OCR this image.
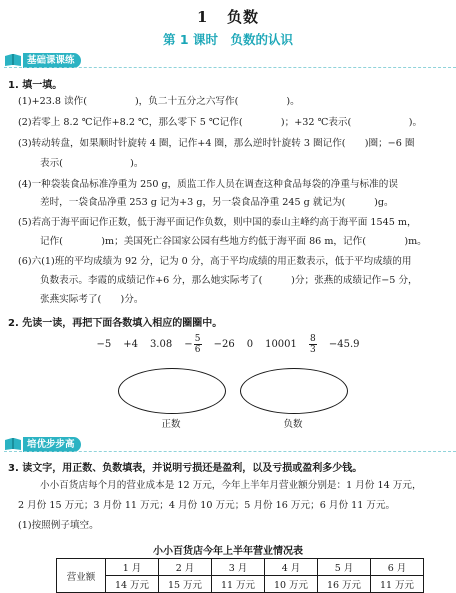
1 负数
第 1 课时　负数的认识
基础课课练
1. 填一填。
(1)+23.8 读作(　　　　　)，负二十五分之六写作(　　　　　)。
(2)若零上 8.2 ℃记作+8.2 ℃，那么零下 5 ℃记作(　　　　)；+32 ℃表示(　　　　　　)。
(3)转动转盘，如果顺时针旋转 4 圈，记作+4 圈，那么逆时针旋转 3 圈记作(　　)圈；−6 圈
表示(　　　　　　　)。
(4)一种袋装食品标准净重为 250 g，质监工作人员在调查这种食品每袋的净重与标准的误
差时，一袋食品净重 253 g 记为+3 g，另一袋食品净重 245 g 就记为(　　　)g。
(5)若高于海平面记作正数，低于海平面记作负数，则中国的泰山主峰约高于海平面 1545 m，
记作(　　　　)m；美国死亡谷国家公园有些地方约低于海平面 86 m，记作(　　　　)m。
(6)六(1)班的平均成绩为 92 分，记为 0 分，高于平均成绩的用正数表示，低于平均成绩的用
负数表示。李霞的成绩记作+6 分，那么她实际考了(　　　)分；张燕的成绩记作−5 分，
张燕实际考了(　　)分。
2. 先读一读，再把下面各数填入相应的圈圈中。
−5 +4 $3.08 - \frac{5}{6} -26$ 0 $10001 \frac{8}{3} -45.9$
正数	负数
培优步步高
3. 读文字，用正数、负数填表，并说明亏损还是盈利，以及亏损或盈利多少钱。
小小百货店每个月的营业成本是 12 万元，今年上半年月营业额分别是：1 月份 14 万元，
2 月份 15 万元；3 月份 11 万元；4 月份 10 万元；5 月份 16 万元；6 月份 11 万元。
(1)按照例子填空。
小小百货店今年上半年营业情况表
营业额	1 月	2 月	3 月	4 月	5 月	6 月
	14 万元	15 万元	11 万元	10 万元	16 万元	11 万元
